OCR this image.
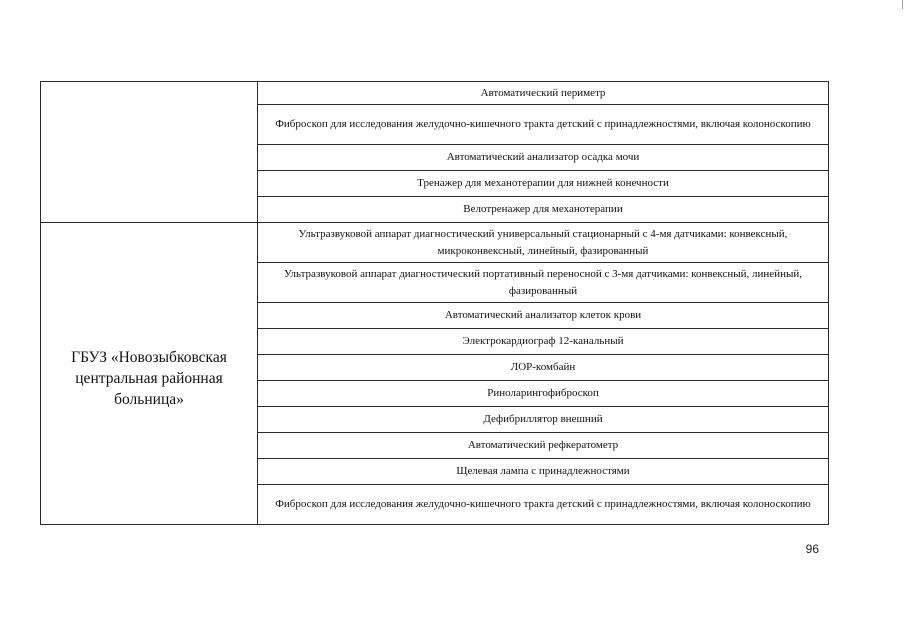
	Автоматический периметр
	Фиброскоп для исследования желудочно-кишечного тракта детский с принадлежностями, включая колоноскопию
	Автоматический анализатор осадка мочи
	Тренажер для механотерапии для нижней конечности
	Велотренажер для механотерапии
ГБУЗ «Новозыбковская центральная районная больница»	Ультразвуковой аппарат диагностический универсальный стационарный с 4-мя датчиками: конвексный, микроконвексный, линейный, фазированный
	Ультразвуковой аппарат диагностический портативный переносной с 3-мя датчиками: конвексный, линейный, фазированный
	Автоматический анализатор клеток крови
	Электрокардиограф 12-канальный
	ЛОР-комбайн
	Риноларингофиброскоп
	Дефибриллятор внешний
	Автоматический рефкератометр
	Щелевая лампа с принадлежностями
	Фиброскоп для исследования желудочно-кишечного тракта детский с принадлежностями, включая колоноскопию
96
